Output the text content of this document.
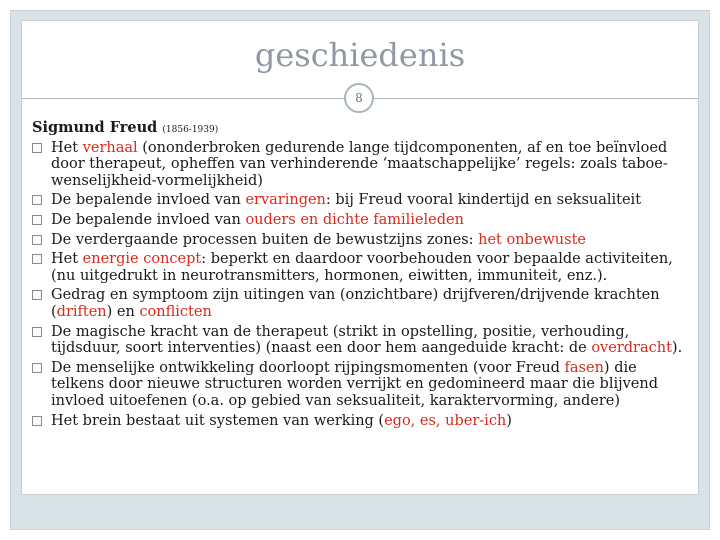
geschiedenis
8

Sigmund Freud (1856-1939)

Het verhaal (ononderbroken gedurende lange tijdcomponenten, af en toe beïnvloed door therapeut, opheffen van verhinderende ‘maatschappelijke’ regels: zoals taboe-wenselijkheid-vormelijkheid)
De bepalende invloed van ervaringen: bij Freud vooral kindertijd en seksualiteit
De bepalende invloed van ouders en dichte familieleden
De verdergaande processen buiten de bewustzijns zones: het onbewuste
Het energie concept: beperkt en daardoor voorbehouden voor bepaalde activiteiten, (nu uitgedrukt in neurotransmitters, hormonen, eiwitten, immuniteit, enz.).
Gedrag en symptoom zijn uitingen van (onzichtbare) drijfveren/drijvende krachten (driften) en conflicten
De magische kracht van de therapeut (strikt in opstelling, positie, verhouding, tijdsduur, soort interventies) (naast een door hem aangeduide kracht: de overdracht).
De menselijke ontwikkeling doorloopt rijpingsmomenten (voor Freud fasen) die telkens door nieuwe structuren worden verrijkt en gedomineerd maar die blijvend invloed uitoefenen (o.a. op gebied van seksualiteit, karaktervorming, andere)
Het brein bestaat uit systemen van werking (ego, es, uber-ich)
